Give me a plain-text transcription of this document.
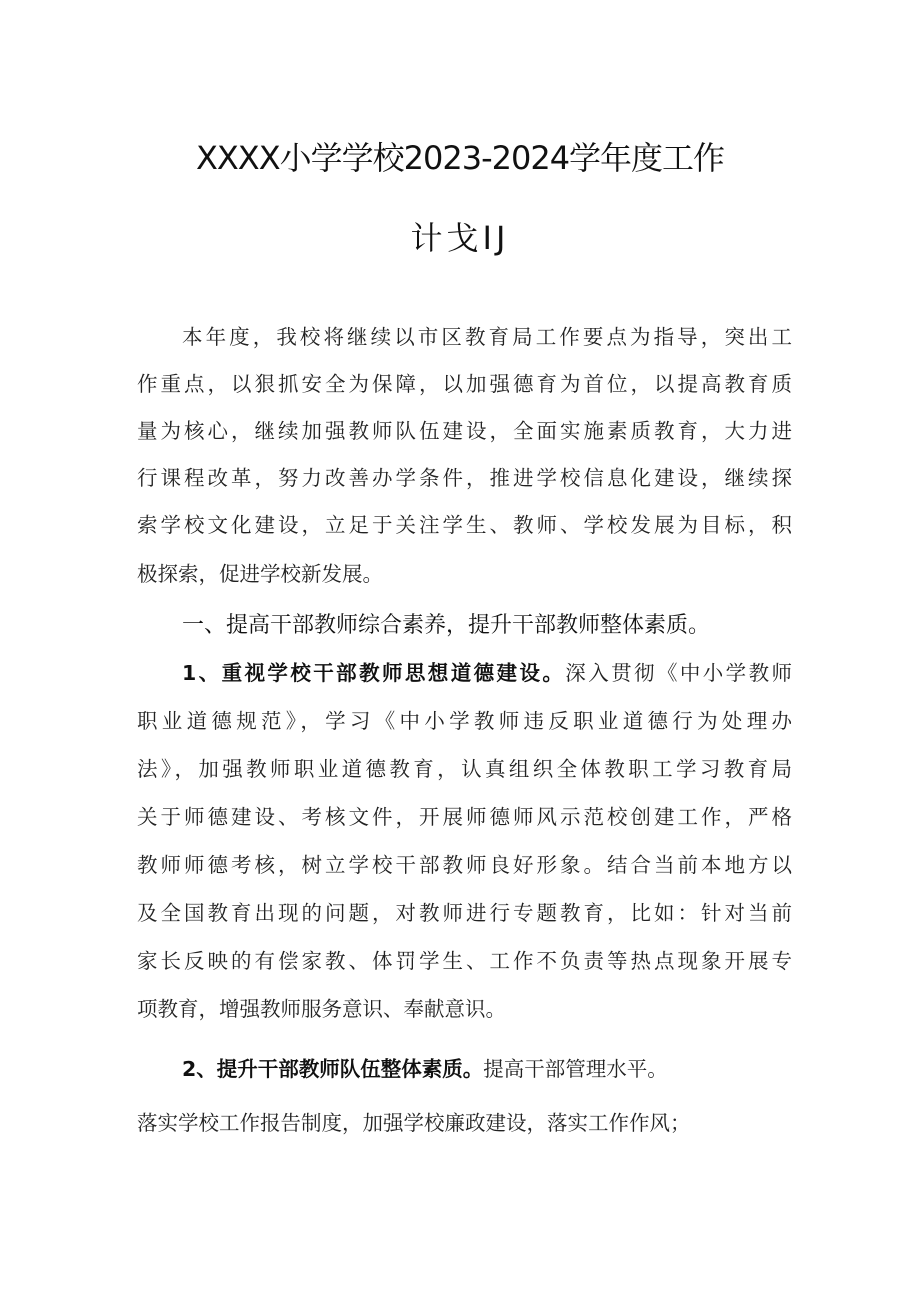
XXXX小学学校2023-2024学年度工作
计戈IJ
本年度，我校将继续以市区教育局工作要点为指导，突出工
作重点，以狠抓安全为保障，以加强德育为首位，以提高教育质
量为核心，继续加强教师队伍建设，全面实施素质教育，大力进
行课程改革，努力改善办学条件，推进学校信息化建设，继续探
索学校文化建设，立足于关注学生、教师、学校发展为目标，积
极探索，促进学校新发展。
一、提高干部教师综合素养，提升干部教师整体素质。
1、重视学校干部教师思想道德建设。深入贯彻《中小学教师
职业道德规范》，学习《中小学教师违反职业道德行为处理办
法》，加强教师职业道德教育，认真组织全体教职工学习教育局
关于师德建设、考核文件，开展师德师风示范校创建工作，严格
教师师德考核，树立学校干部教师良好形象。结合当前本地方以
及全国教育出现的问题，对教师进行专题教育，比如：针对当前
家长反映的有偿家教、体罚学生、工作不负责等热点现象开展专
项教育，增强教师服务意识、奉献意识。
2、提升干部教师队伍整体素质。提高干部管理水平。
落实学校工作报告制度，加强学校廉政建设，落实工作作风；
